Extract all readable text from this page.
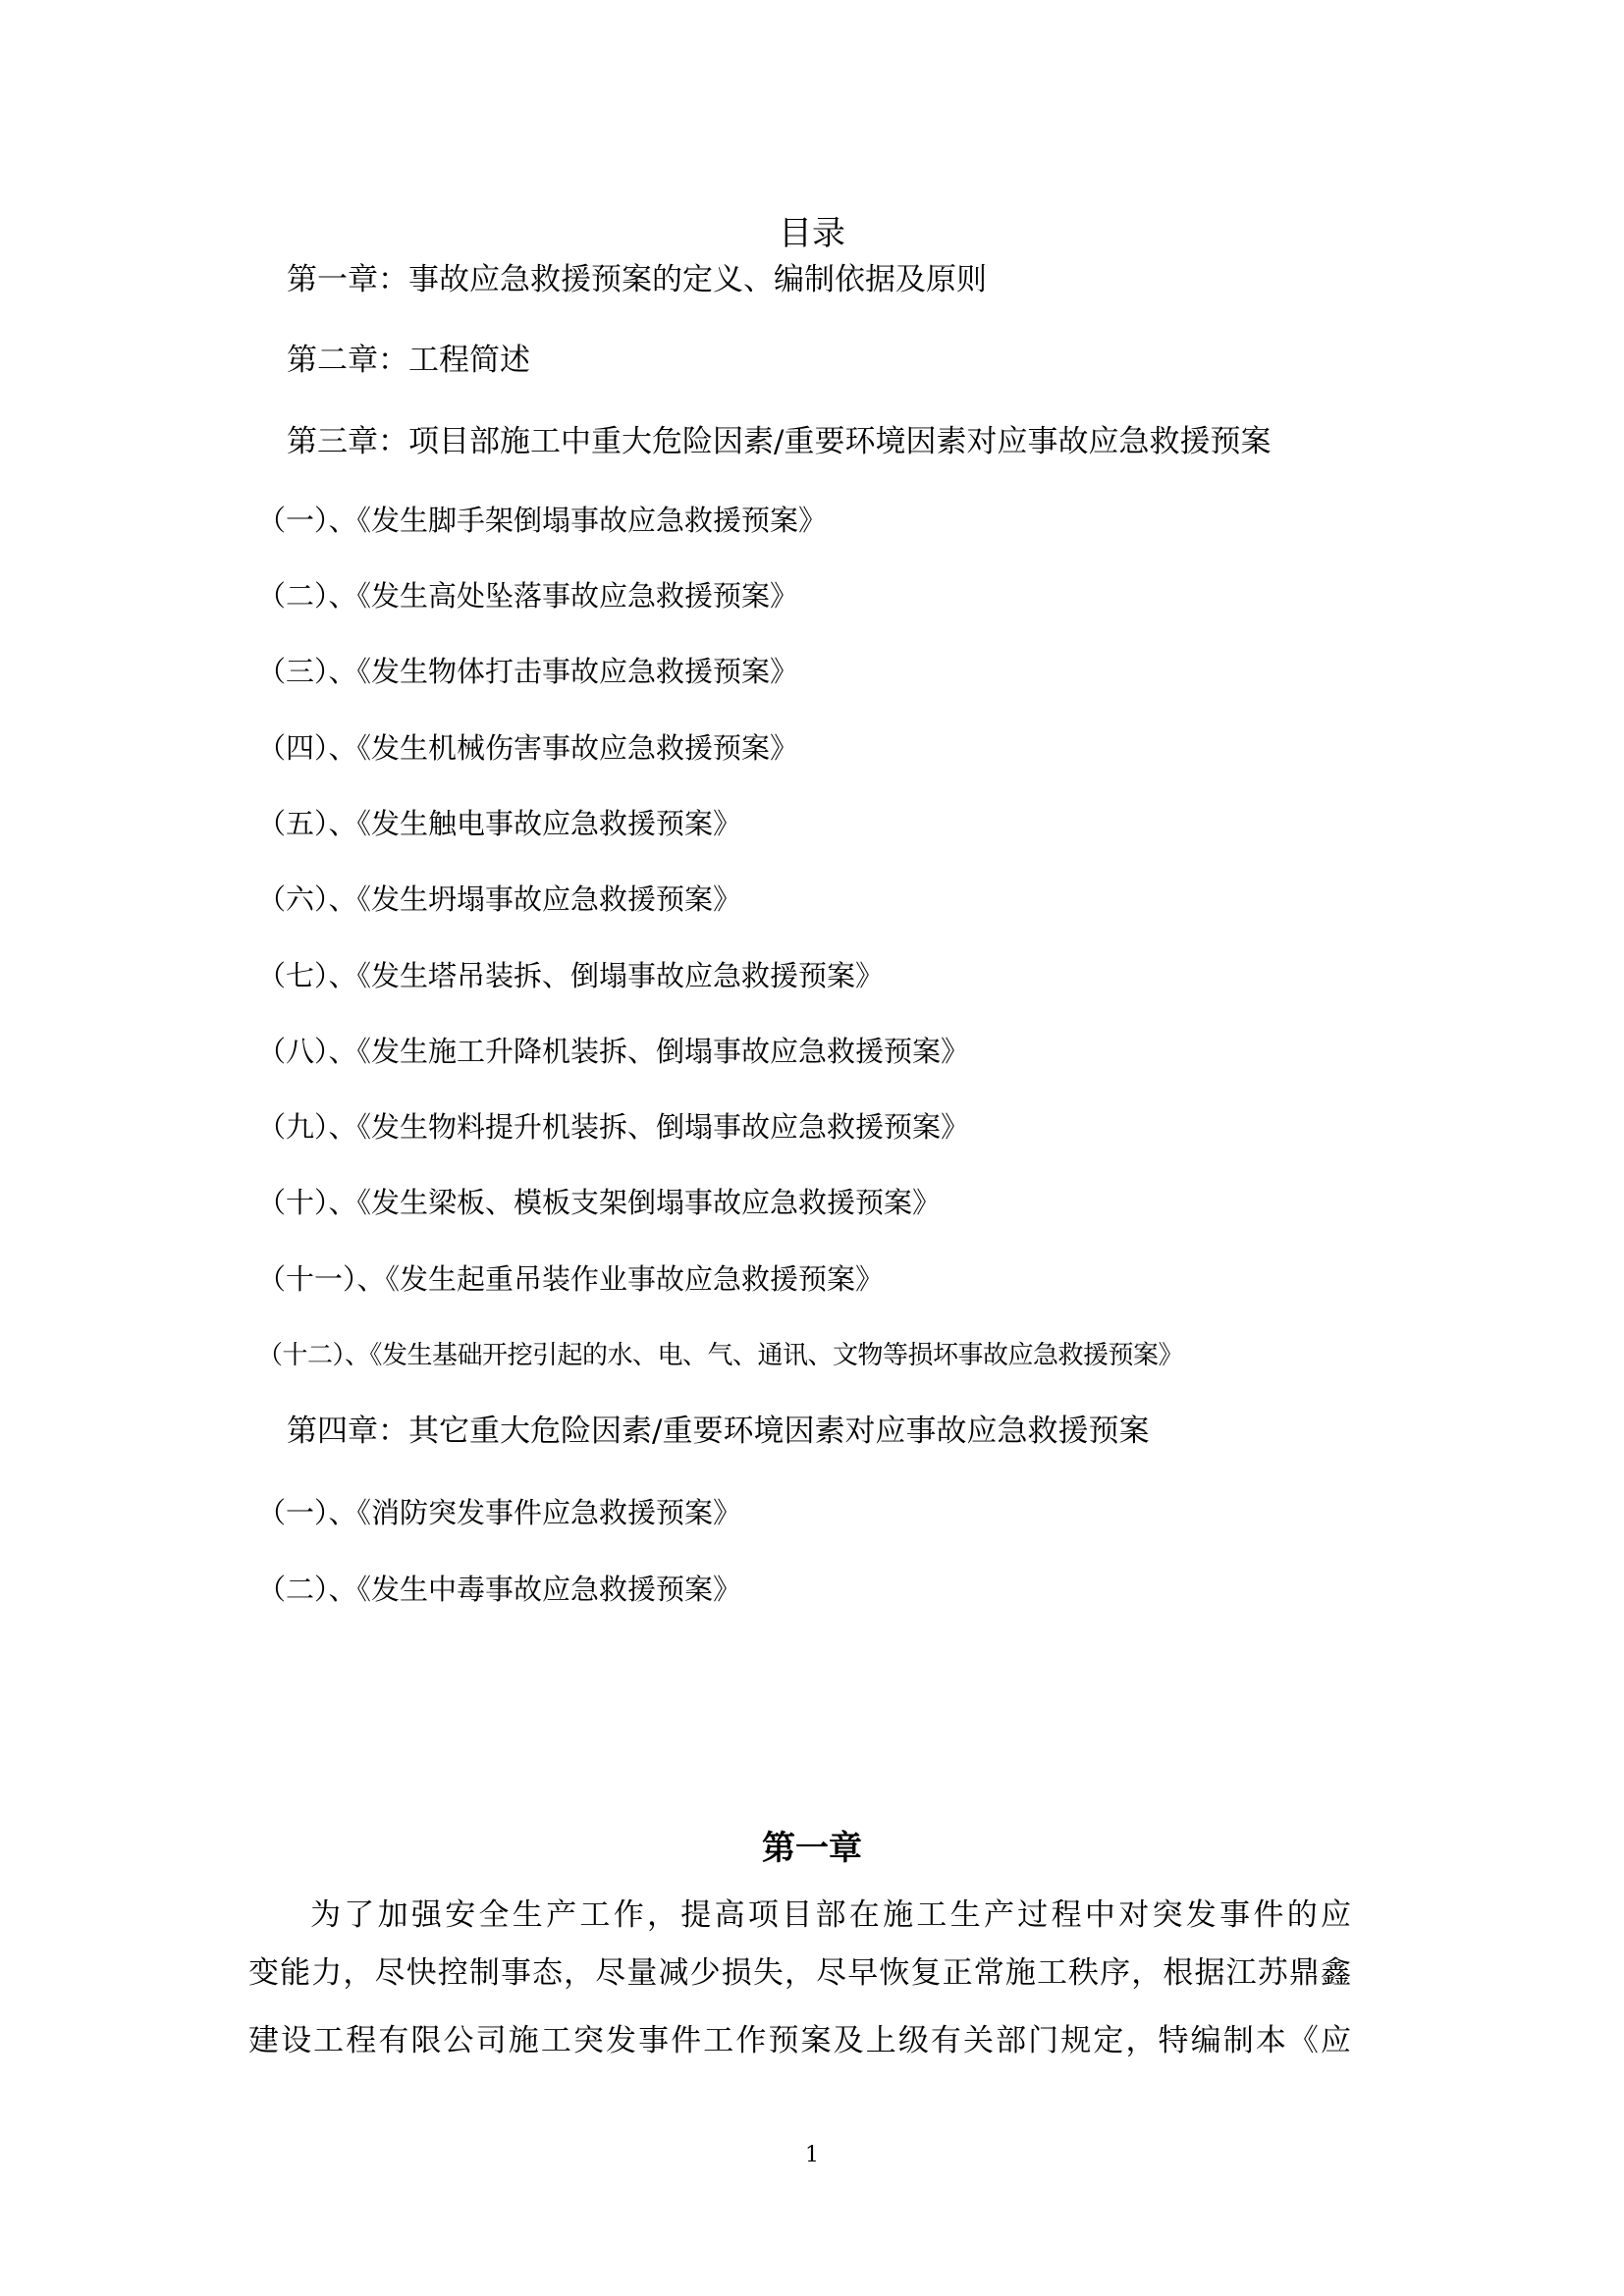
目录
第一章：事故应急救援预案的定义、编制依据及原则
第二章：工程简述
第三章：项目部施工中重大危险因素/重要环境因素对应事故应急救援预案
（一）、《发生脚手架倒塌事故应急救援预案》
（二）、《发生高处坠落事故应急救援预案》
（三）、《发生物体打击事故应急救援预案》
（四）、《发生机械伤害事故应急救援预案》
（五）、《发生触电事故应急救援预案》
（六）、《发生坍塌事故应急救援预案》
（七）、《发生塔吊装拆、倒塌事故应急救援预案》
（八）、《发生施工升降机装拆、倒塌事故应急救援预案》
（九）、《发生物料提升机装拆、倒塌事故应急救援预案》
（十）、《发生梁板、模板支架倒塌事故应急救援预案》
（十一）、《发生起重吊装作业事故应急救援预案》
（十二）、《发生基础开挖引起的水、电、气、通讯、文物等损坏事故应急救援预案》
第四章：其它重大危险因素/重要环境因素对应事故应急救援预案
（一）、《消防突发事件应急救援预案》
（二）、《发生中毒事故应急救援预案》
第一章
为了加强安全生产工作，提高项目部在施工生产过程中对突发事件的应
变能力，尽快控制事态，尽量减少损失，尽早恢复正常施工秩序，根据江苏鼎鑫
建设工程有限公司施工突发事件工作预案及上级有关部门规定，特编制本《应
1
